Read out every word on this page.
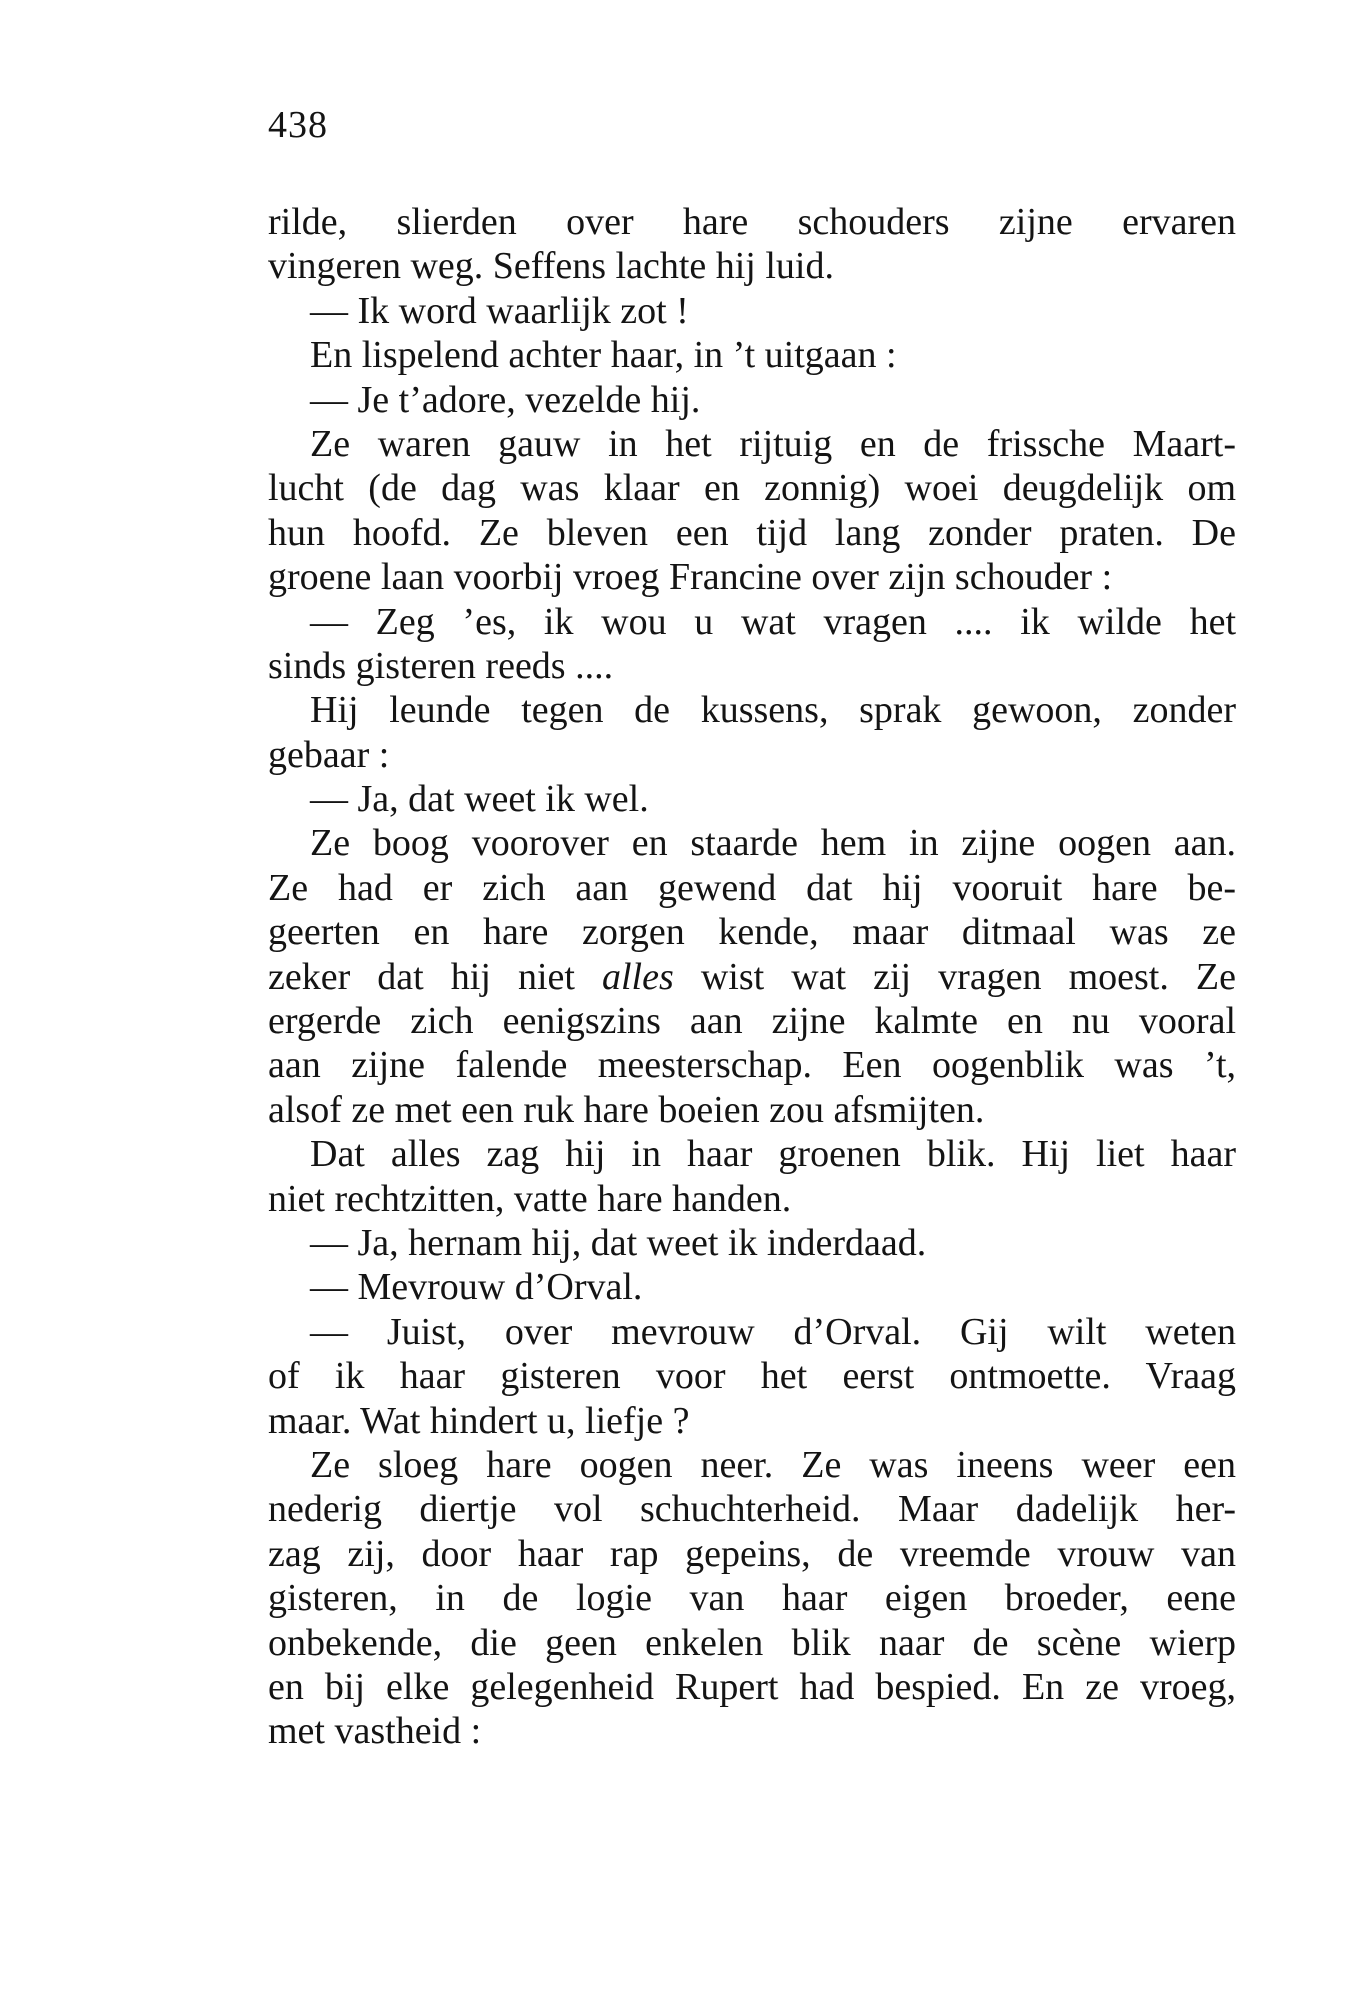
438
rilde, slierden over hare schouders zijne ervaren
vingeren weg. Seffens lachte hij luid.
— Ik word waarlijk zot !
En lispelend achter haar, in ’t uitgaan :
— Je t’adore, vezelde hij.
Ze waren gauw in het rijtuig en de frissche Maart-
lucht (de dag was klaar en zonnig) woei deugdelijk om
hun hoofd. Ze bleven een tijd lang zonder praten. De
groene laan voorbij vroeg Francine over zijn schouder :
— Zeg ’es, ik wou u wat vragen .... ik wilde het
sinds gisteren reeds ....
Hij leunde tegen de kussens, sprak gewoon, zonder
gebaar :
— Ja, dat weet ik wel.
Ze boog voorover en staarde hem in zijne oogen aan.
Ze had er zich aan gewend dat hij vooruit hare be-
geerten en hare zorgen kende, maar ditmaal was ze
zeker dat hij niet alles wist wat zij vragen moest. Ze
ergerde zich eenigszins aan zijne kalmte en nu vooral
aan zijne falende meesterschap. Een oogenblik was ’t,
alsof ze met een ruk hare boeien zou afsmijten.
Dat alles zag hij in haar groenen blik. Hij liet haar
niet rechtzitten, vatte hare handen.
— Ja, hernam hij, dat weet ik inderdaad.
— Mevrouw d’Orval.
— Juist, over mevrouw d’Orval. Gij wilt weten
of ik haar gisteren voor het eerst ontmoette. Vraag
maar. Wat hindert u, liefje ?
Ze sloeg hare oogen neer. Ze was ineens weer een
nederig diertje vol schuchterheid. Maar dadelijk her-
zag zij, door haar rap gepeins, de vreemde vrouw van
gisteren, in de logie van haar eigen broeder, eene
onbekende, die geen enkelen blik naar de scène wierp
en bij elke gelegenheid Rupert had bespied. En ze vroeg,
met vastheid :
